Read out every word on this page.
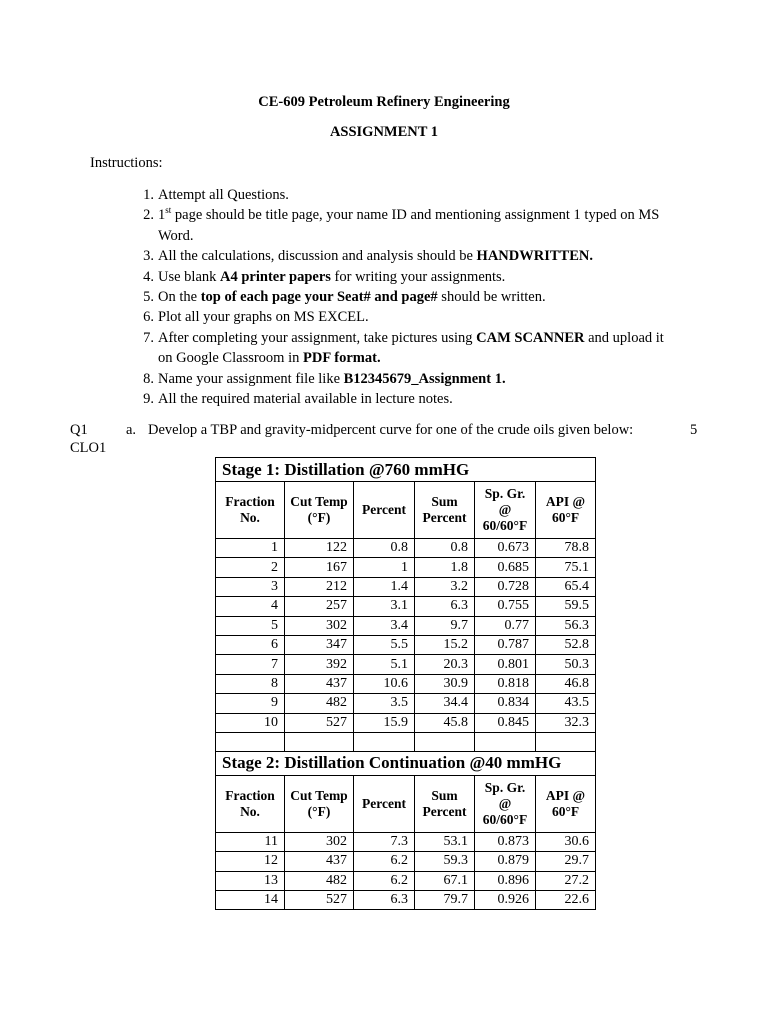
CE-609 Petroleum Refinery Engineering
ASSIGNMENT 1
Instructions:
1. Attempt all Questions.
2. 1st page should be title page, your name ID and mentioning assignment 1 typed on MS Word.
3. All the calculations, discussion and analysis should be HANDWRITTEN.
4. Use blank A4 printer papers for writing your assignments.
5. On the top of each page your Seat# and page# should be written.
6. Plot all your graphs on MS EXCEL.
7. After completing your assignment, take pictures using CAM SCANNER and upload it on Google Classroom in PDF format.
8. Name your assignment file like B12345679_Assignment 1.
9. All the required material available in lecture notes.
Q1
CLO1
a. Develop a TBP and gravity-midpercent curve for one of the crude oils given below:	5
Stage 1: Distillation @760 mmHG					
Fraction No.	Cut Temp (°F)	Percent	Sum Percent	Sp. Gr. @ 60/60°F	API @ 60°F
1	122	0.8	0.8	0.673	78.8
2	167	1	1.8	0.685	75.1
3	212	1.4	3.2	0.728	65.4
4	257	3.1	6.3	0.755	59.5
5	302	3.4	9.7	0.77	56.3
6	347	5.5	15.2	0.787	52.8
7	392	5.1	20.3	0.801	50.3
8	437	10.6	30.9	0.818	46.8
9	482	3.5	34.4	0.834	43.5
10	527	15.9	45.8	0.845	32.3

Stage 2: Distillation Continuation @40 mmHG					
Fraction No.	Cut Temp (°F)	Percent	Sum Percent	Sp. Gr. @ 60/60°F	API @ 60°F
11	302	7.3	53.1	0.873	30.6
12	437	6.2	59.3	0.879	29.7
13	482	6.2	67.1	0.896	27.2
14	527	6.3	79.7	0.926	22.6
